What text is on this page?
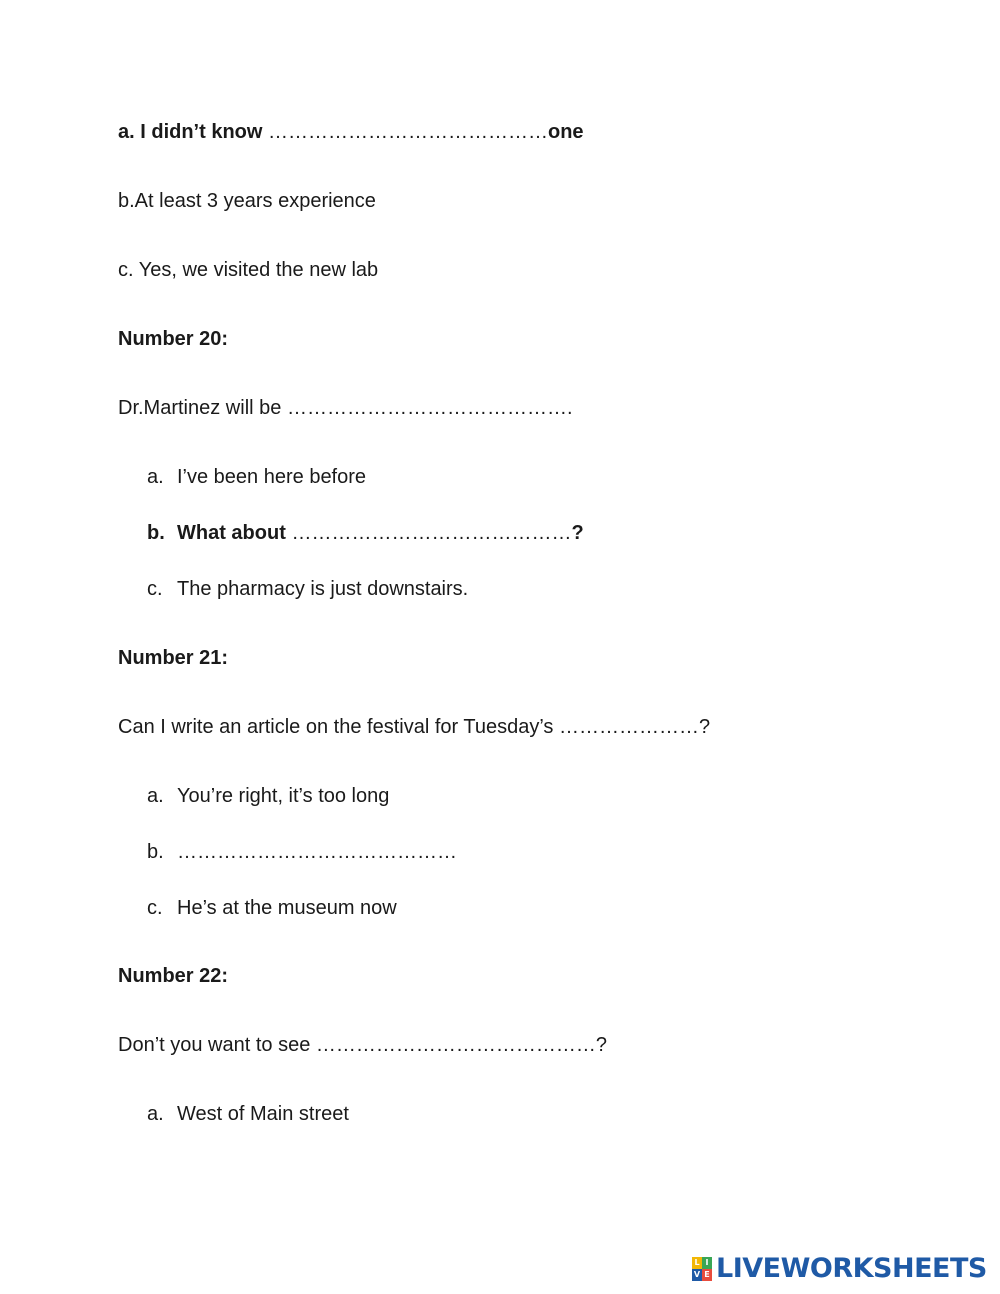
a. I didn’t know ……………………………………one
b.At least 3 years experience
c. Yes, we visited the new lab
Number 20:
Dr.Martinez will be …………………………………….
a. I’ve been here before
b. What about ……………………………………?
c. The pharmacy is just downstairs.
Number 21:
Can I write an article on the festival for Tuesday’s …………………?
a. You’re right, it’s too long
b. ……………………………………
c. He’s at the museum now
Number 22:
Don’t you want to see ……………………………………?
a. West of Main street
L I
V E LIVEWORKSHEETS
